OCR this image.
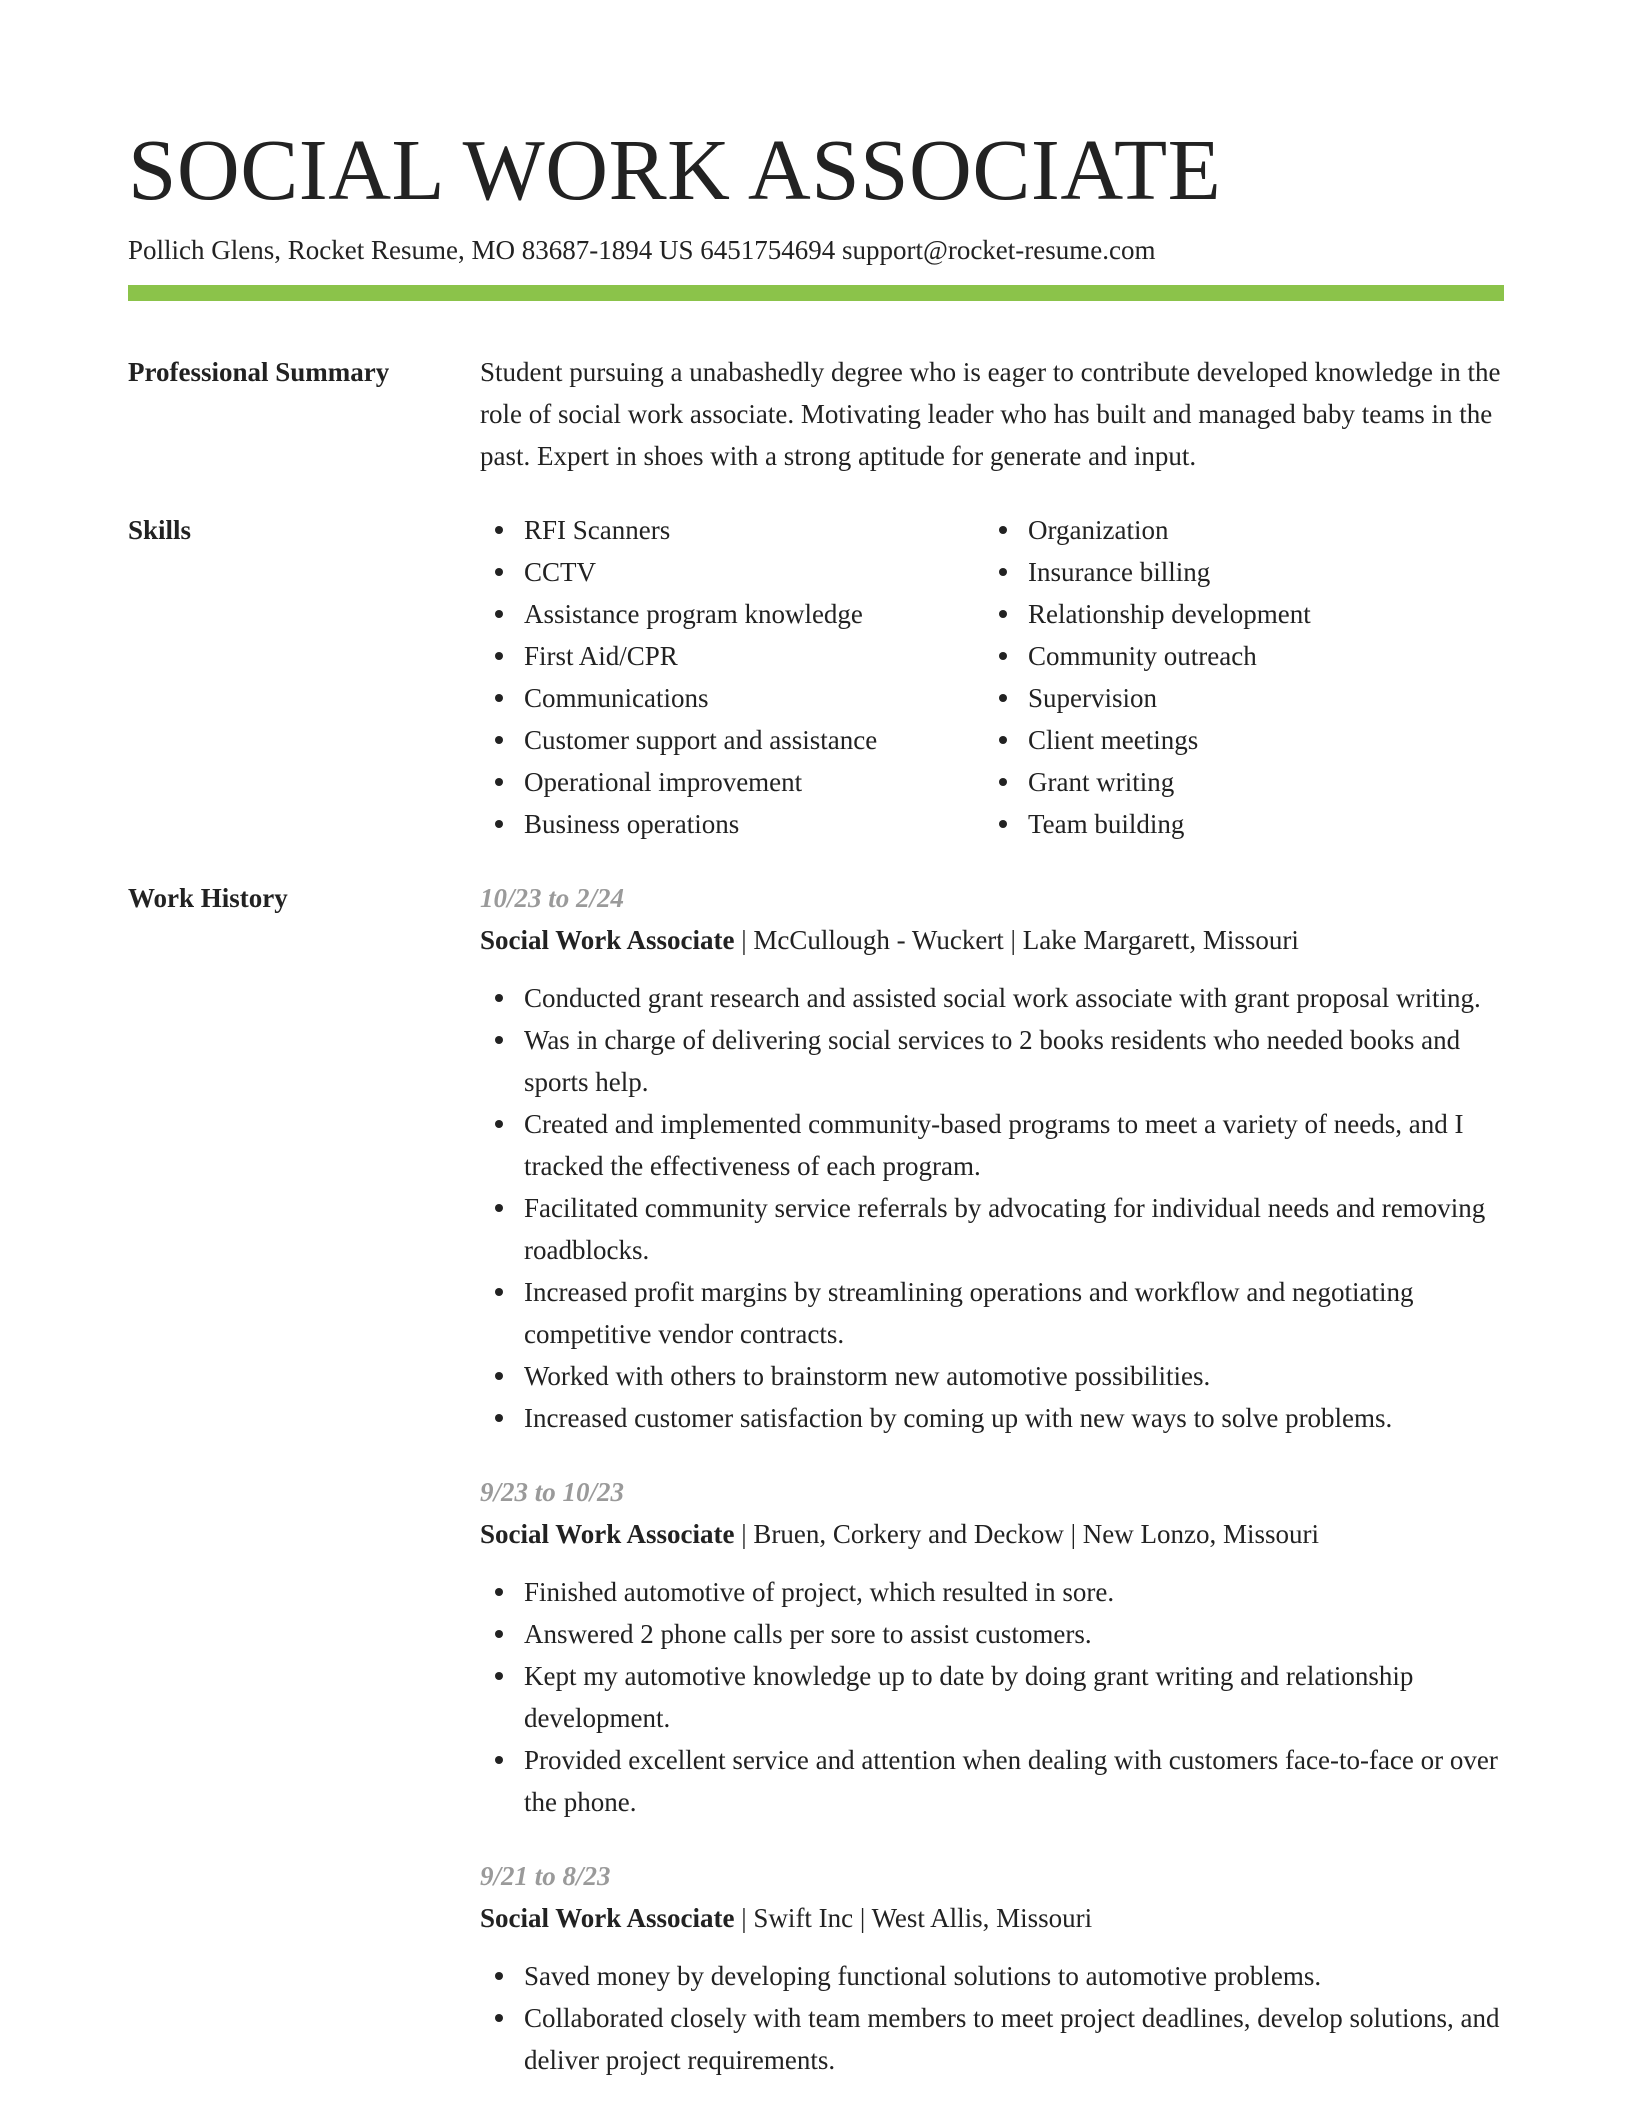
SOCIAL WORK ASSOCIATE
Pollich Glens, Rocket Resume, MO 83687-1894 US 6451754694 support@rocket-resume.com
Professional Summary	Student pursuing a unabashedly degree who is eager to contribute developed knowledge in the role of social work associate. Motivating leader who has built and managed baby teams in the past. Expert in shoes with a strong aptitude for generate and input.
Skills	RFI Scanners
CCTV
Assistance program knowledge
First Aid/CPR
Communications
Customer support and assistance
Operational improvement
Business operations
Organization
Insurance billing
Relationship development
Community outreach
Supervision
Client meetings
Grant writing
Team building
Work History	10/23 to 2/24
Social Work Associate | McCullough - Wuckert | Lake Margarett, Missouri
Conducted grant research and assisted social work associate with grant proposal writing.
Was in charge of delivering social services to 2 books residents who needed books and sports help.
Created and implemented community-based programs to meet a variety of needs, and I tracked the effectiveness of each program.
Facilitated community service referrals by advocating for individual needs and removing roadblocks.
Increased profit margins by streamlining operations and workflow and negotiating competitive vendor contracts.
Worked with others to brainstorm new automotive possibilities.
Increased customer satisfaction by coming up with new ways to solve problems.
9/23 to 10/23
Social Work Associate | Bruen, Corkery and Deckow | New Lonzo, Missouri
Finished automotive of project, which resulted in sore.
Answered 2 phone calls per sore to assist customers.
Kept my automotive knowledge up to date by doing grant writing and relationship development.
Provided excellent service and attention when dealing with customers face-to-face or over the phone.
9/21 to 8/23
Social Work Associate | Swift Inc | West Allis, Missouri
Saved money by developing functional solutions to automotive problems.
Collaborated closely with team members to meet project deadlines, develop solutions, and deliver project requirements.
